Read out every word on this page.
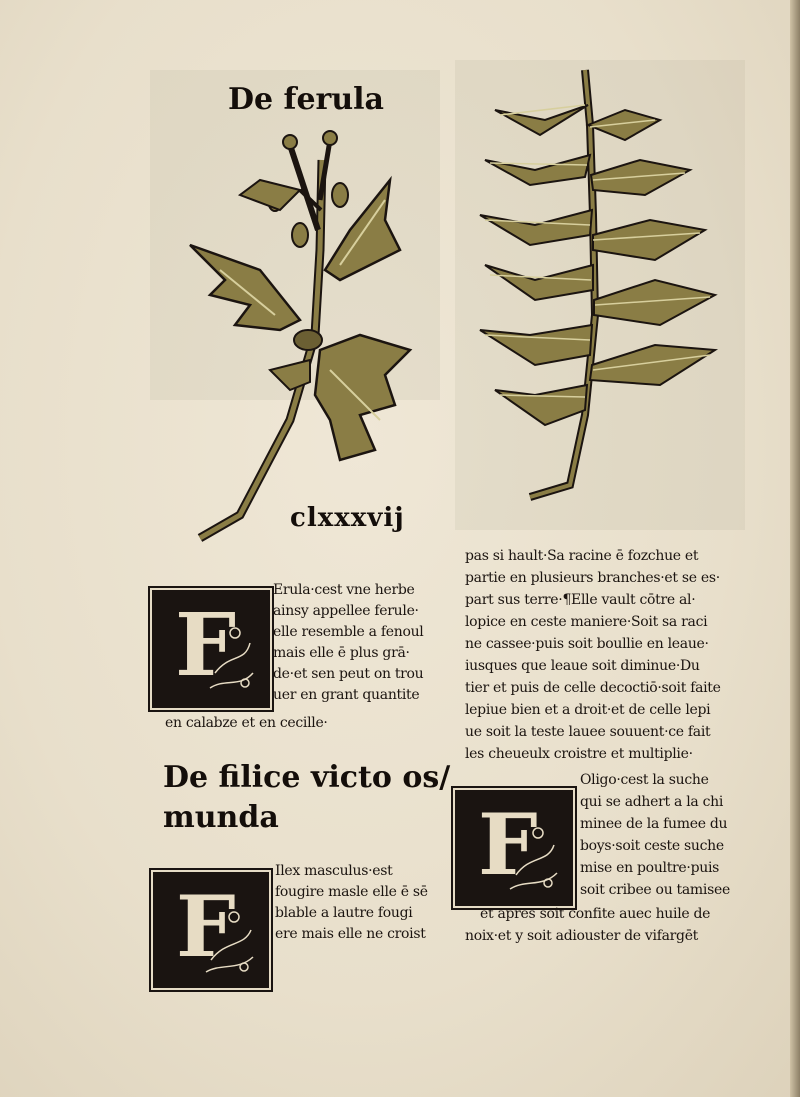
De ferula
clxxxvij
F
Erula·cest vne herbe
ainsy appellee ferule·
elle resemble a fenoul
mais elle ē plus grā·
de·et sen peut on trou
uer en grant quantite
en calabze et en cecille·
De filice victo os/
munda
F
Ilex masculus·est
fougire masle elle ē sē
blable a lautre fougi
ere mais elle ne croist
pas si hault·Sa racine ē fozchue et
partie en plusieurs branches·et se es·
part sus terre·¶Elle vault cōtre al·
lopice en ceste maniere·Soit sa raci
ne cassee·puis soit boullie en leaue·
iusques que leaue soit diminue·Du
tier et puis de celle decoctiō·soit faite
lepiue bien et a droit·et de celle lepi
ue soit la teste lauee souuent·ce fait
les cheueulx croistre et multiplie·
F
Oligo·cest la suche
qui se adhert a la chi
minee de la fumee du
boys·soit ceste suche
mise en poultre·puis
soit cribee ou tamisee
et apres soit confite auec huile de
noix·et y soit adiouster de vifargēt
